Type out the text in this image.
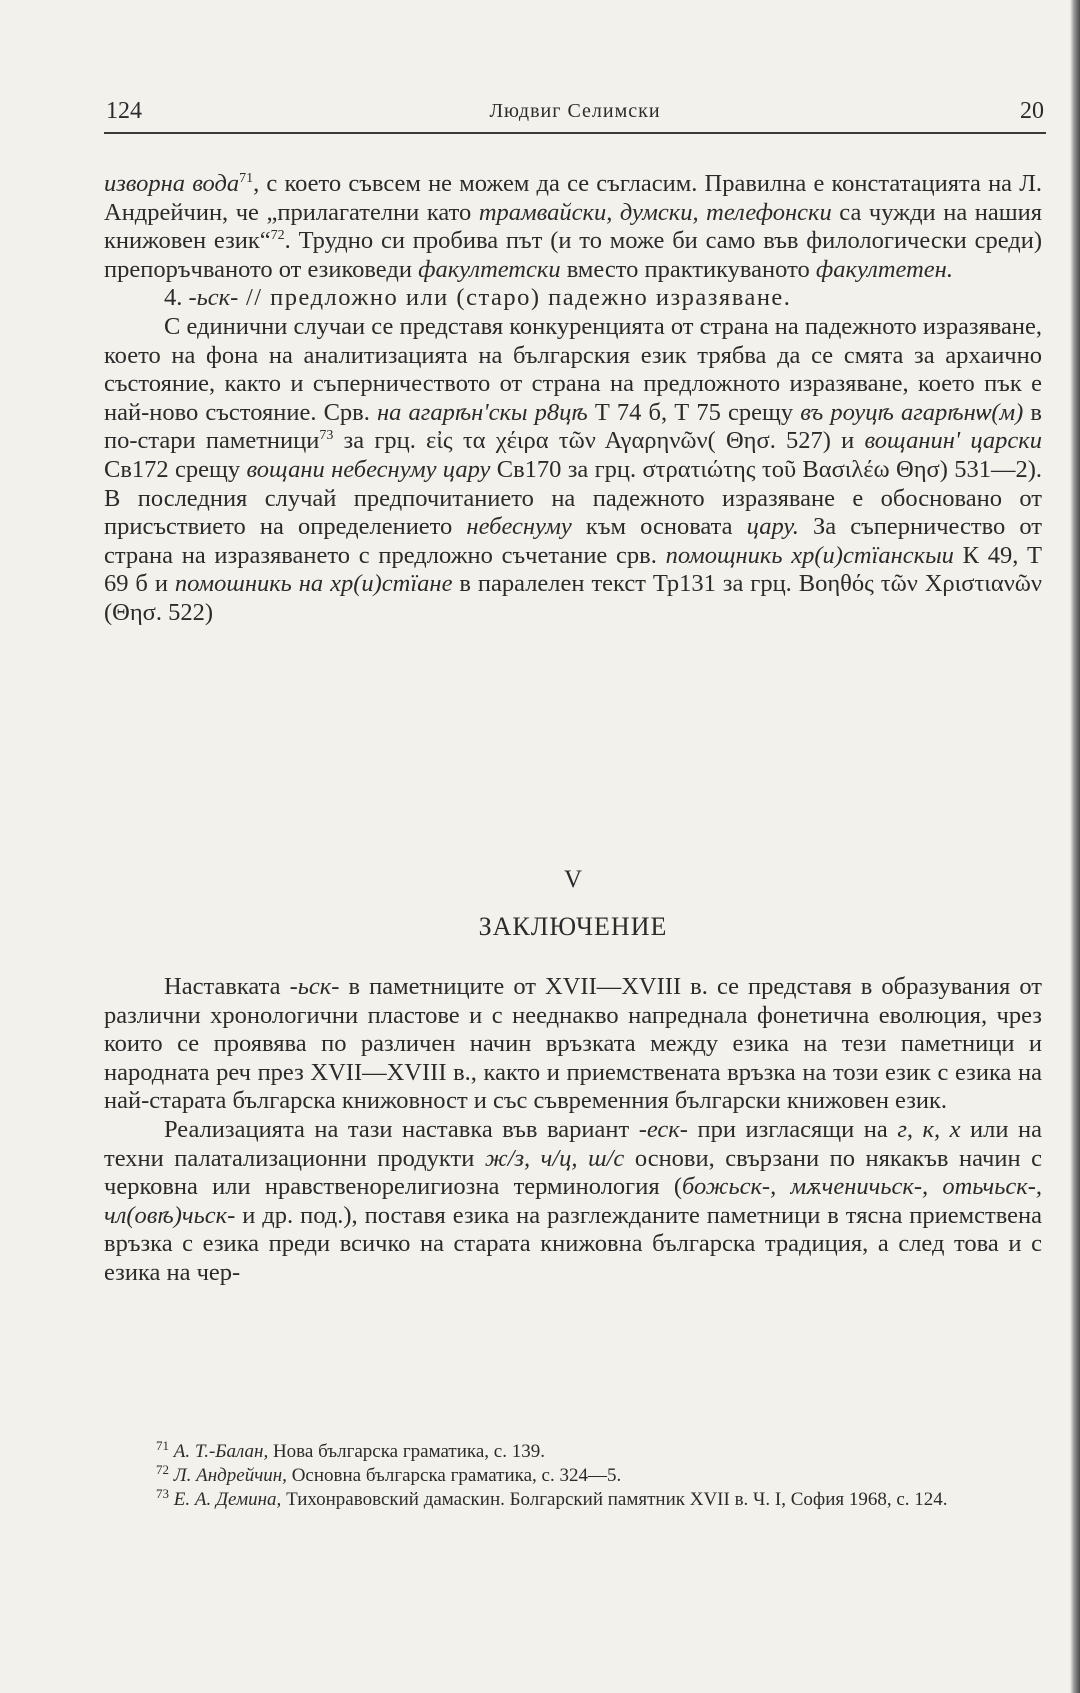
124	Людвиг Селимски	20

изворна вода$^{71}$, с което съвсем не можем да се съгласим. Правилна е констатацията на Л. Андрейчин, че „прилагателни като трамвайски, думски, телефонски са чужди на нашия книжовен език“$^{72}$. Трудно си пробива път (и то може би само във филологически среди) препоръчваното от езиковеди факултетски вместо практикуваното факултетен.

4. -ьск- // предложно или (старо) падежно изразяване.

С единични случаи се представя конкуренцията от страна на падежното изразяване, което на фона на аналитизацията на българския език трябва да се смята за архаично състояние, както и съперничеството от страна на предложното изразяване, което пък е най-ново състояние. Срв. на агарѣн'скы р8цѣ Т 74 б, Т 75 срещу въ роуцѣ агарѣнѡ(м) в по-стари паметници$^{73}$ за грц. εἰς τα χέιρα τῶν Αγαρηνῶν( Θησ. 527) и вощанин' царски Св172 срещу вощани небеснуму цару Св170 за грц. στρατιώτης τοῦ Βασιλέω Θησ) 531—2). В последния случай предпочитанието на падежното изразяване е обосновано от присъствието на определението небеснуму към основата цару. За съперничество от страна на изразяването с предложно съчетание срв. помощникь хр(и)стїанскыи К 49, Т 69 б и помошникь на хр(и)стїане в паралелен текст Тр131 за грц. Βοηθός τῶν Χριστιανῶν (Θησ. 522)

V
ЗАКЛЮЧЕНИЕ

Наставката -ьск- в паметниците от XVII—XVIII в. се представя в образувания от различни хронологични пластове и с нееднакво напреднала фонетична еволюция, чрез които се проявява по различен начин връзката между езика на тези паметници и народната реч през XVII—XVIII в., както и приемствената връзка на този език с езика на най-старата българска книжовност и със съвременния български книжовен език.

Реализацията на тази наставка във вариант -еск- при изгласящи на г, к, х или на техни палатализационни продукти ж/з, ч/ц, ш/с основи, свързани по някакъв начин с черковна или нравственорелигиозна терминология (божьск-, мѫченичьск-, отьчьск-, чл(овѣ)чьск- и др. под.), поставя езика на разглежданите паметници в тясна приемствена връзка с езика преди всичко на старата книжовна българска традиция, а след това и с езика на чер-

$^{71}$ А. Т.-Балан, Нова българска граматика, с. 139.

$^{72}$ Л. Андрейчин, Основна българска граматика, с. 324—5.

$^{73}$ Е. А. Демина, Тихонравовский дамаскин. Болгарский памятник XVII в. Ч. I, София 1968, с. 124.
